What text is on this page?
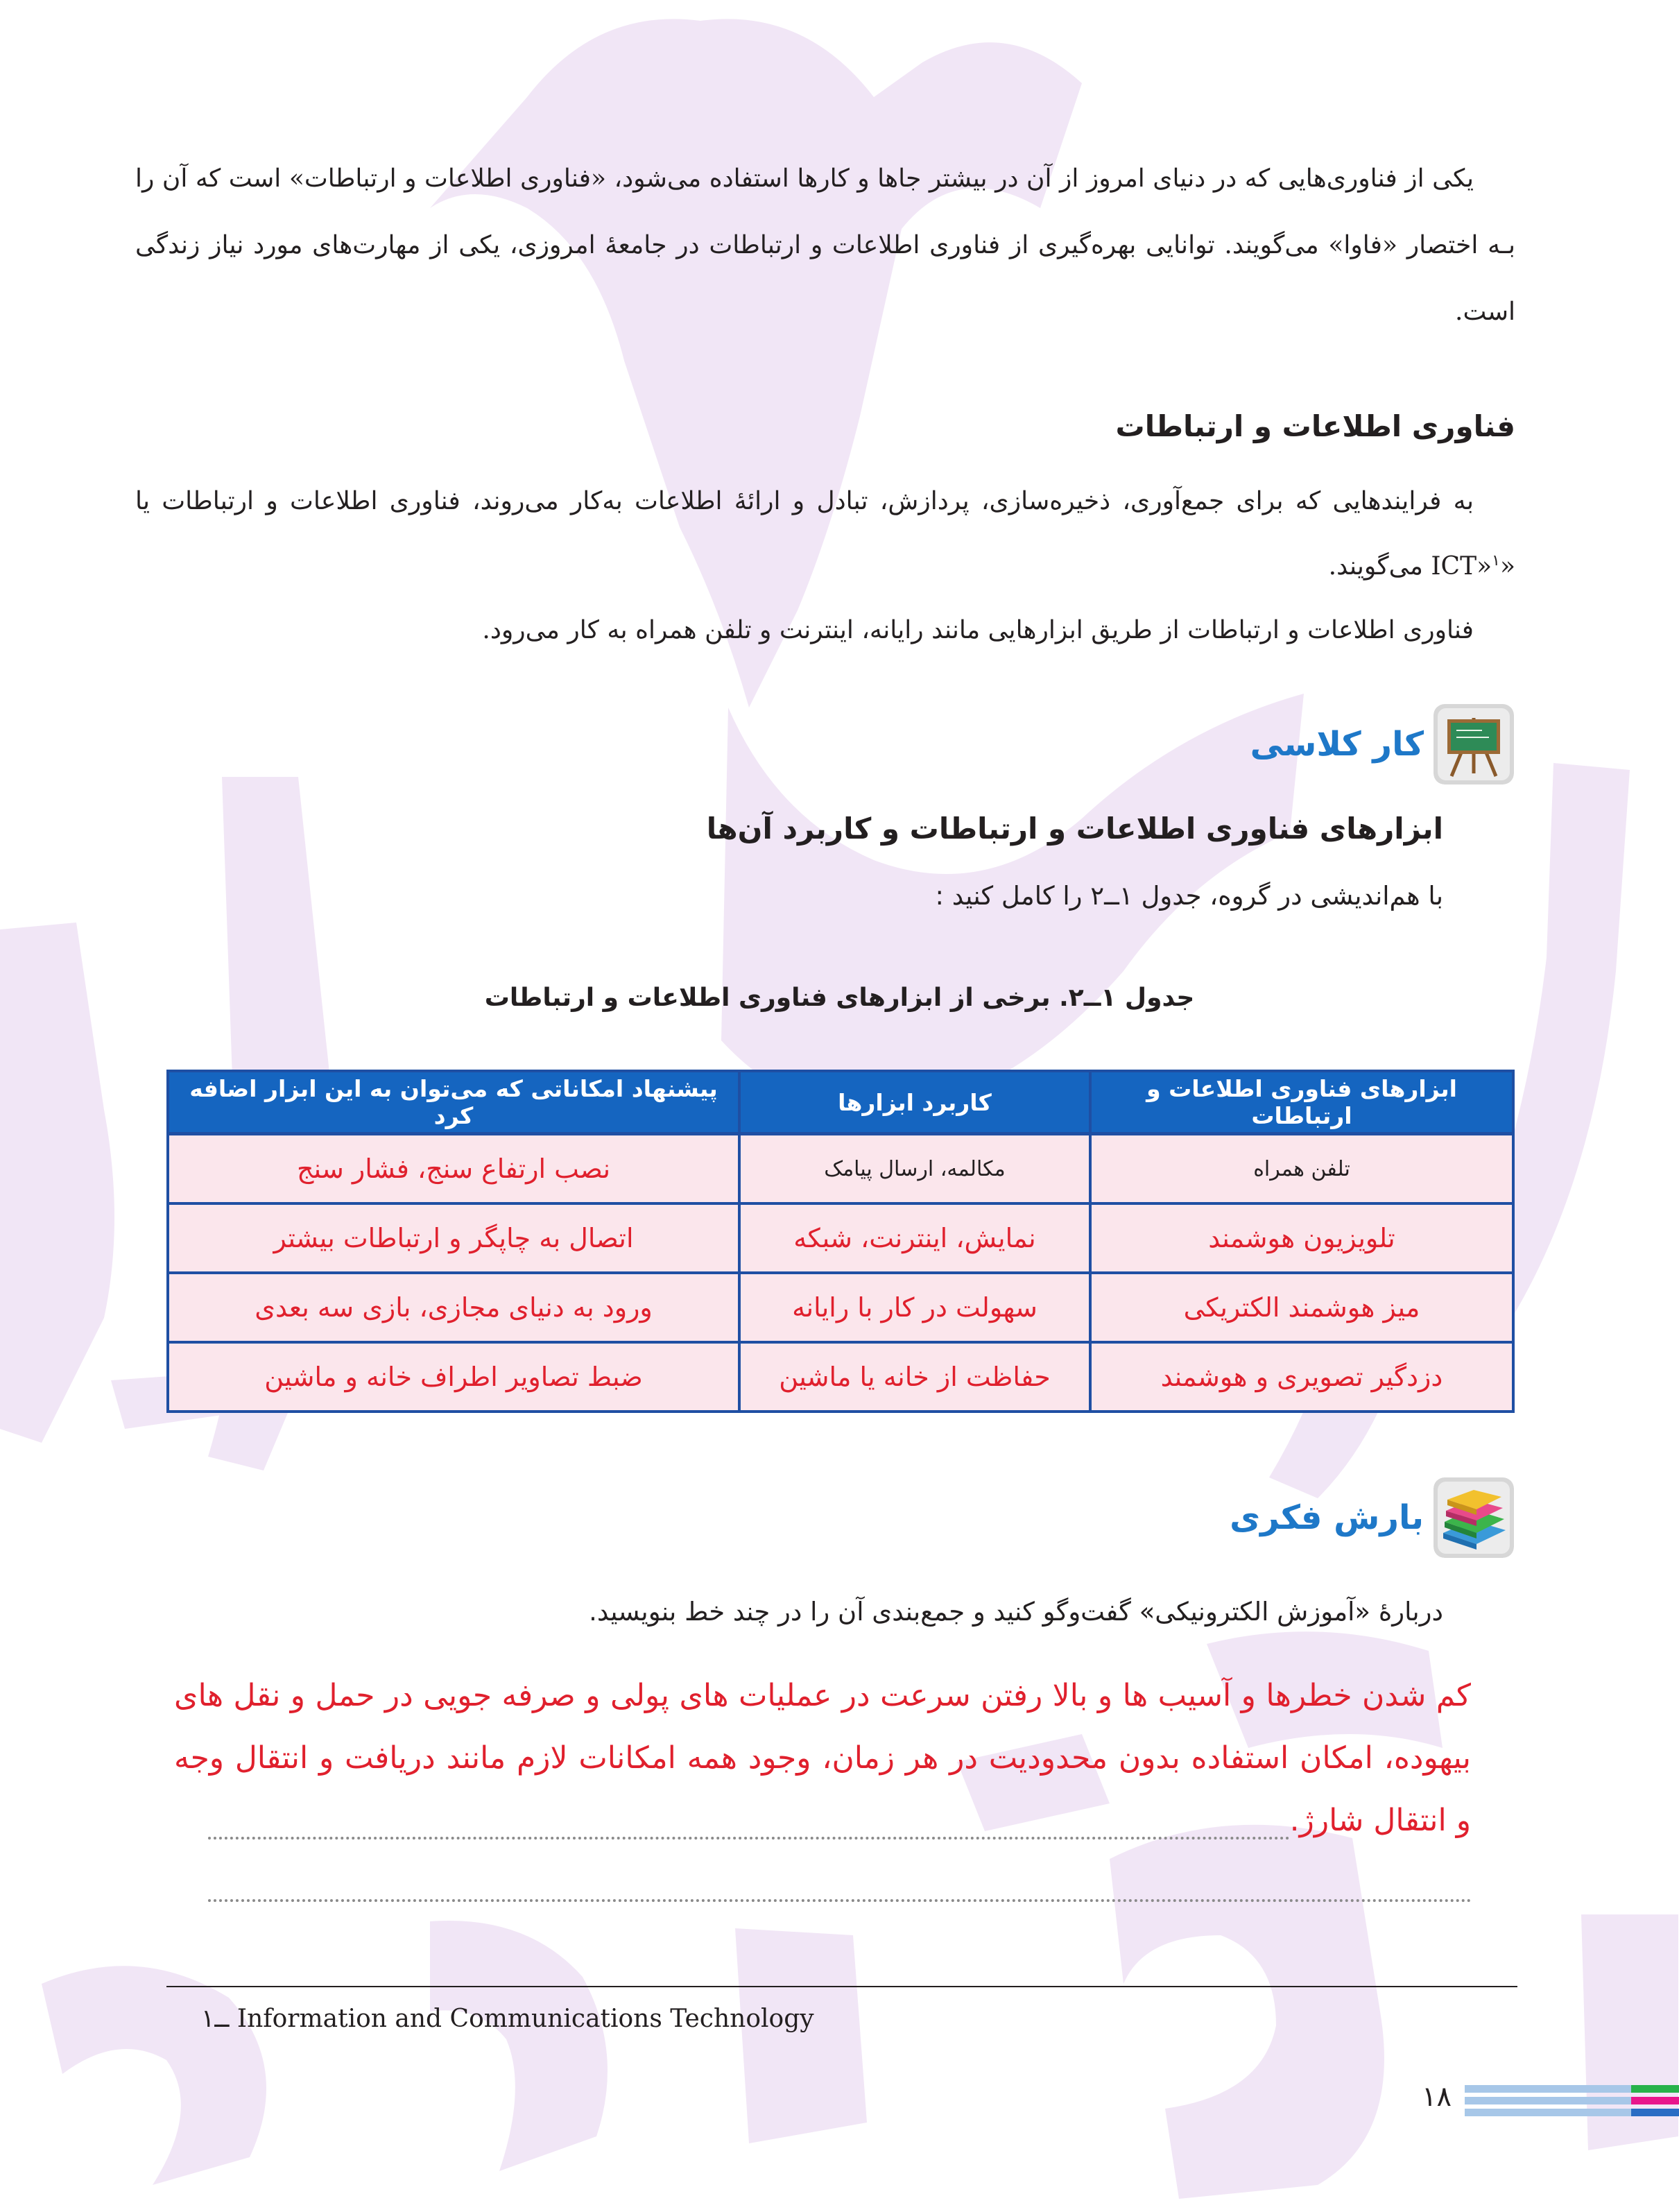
یکی از فناوری‌هایی که در دنیای امروز از آن در بیشتر جاها و کارها استفاده می‌شود، «فناوری اطلاعات و ارتباطات» است که آن را بـه اختصار «فاوا» می‌گویند. توانایی بهره‌گیری از فناوری اطلاعات و ارتباطات در جامعهٔ امروزی، یکی از مهارت‌های مورد نیاز زندگی است.

فناوری اطلاعات و ارتباطات

به فرایندهایی که برای جمع‌آوری، ذخیره‌سازی، پردازش، تبادل و ارائهٔ اطلاعات به‌کار می‌روند، فناوری اطلاعات و ارتباطات یا «ICT»$^۱$ می‌گویند.

فناوری اطلاعات و ارتباطات از طریق ابزارهایی مانند رایانه، اینترنت و تلفن همراه به کار می‌رود.

کار کلاسی
ابزارهای فناوری اطلاعات و ارتباطات و کاربرد آن‌ها

با هم‌اندیشی در گروه، جدول ۱ــ۲ را کامل کنید :

جدول ۱ــ۲. برخی از ابزارهای فناوری اطلاعات و ارتباطات

ابزارهای فناوری اطلاعات و ارتباطات	کاربرد ابزارها	پیشنهاد امکاناتی که می‌توان به این ابزار اضافه کرد
تلفن همراه	مکالمه، ارسال پیامک	نصب ارتفاع سنج، فشار سنج
تلویزیون هوشمند	نمایش، اینترنت، شبکه	اتصال به چاپگر و ارتباطات بیشتر
میز هوشمند الکتریکی	سهولت در کار با رایانه	ورود به دنیای مجازی، بازی سه بعدی
دزدگیر تصویری و هوشمند	حفاظت از خانه یا ماشین	ضبط تصاویر اطراف خانه و ماشین
بارش فکری

دربارهٔ «آموزش الکترونیکی» گفت‌وگو کنید و جمع‌بندی آن را در چند خط بنویسید.

کم شدن خطرها و آسیب ها و بالا رفتن سرعت در عملیات های پولی و صرفه جویی در حمل و نقل های بیهوده، امکان استفاده بدون محدودیت در هر زمان، وجود همه امکانات لازم مانند دریافت و انتقال وجه و انتقال شارژ.

۱ــ Information and Communications Technology

۱۸
